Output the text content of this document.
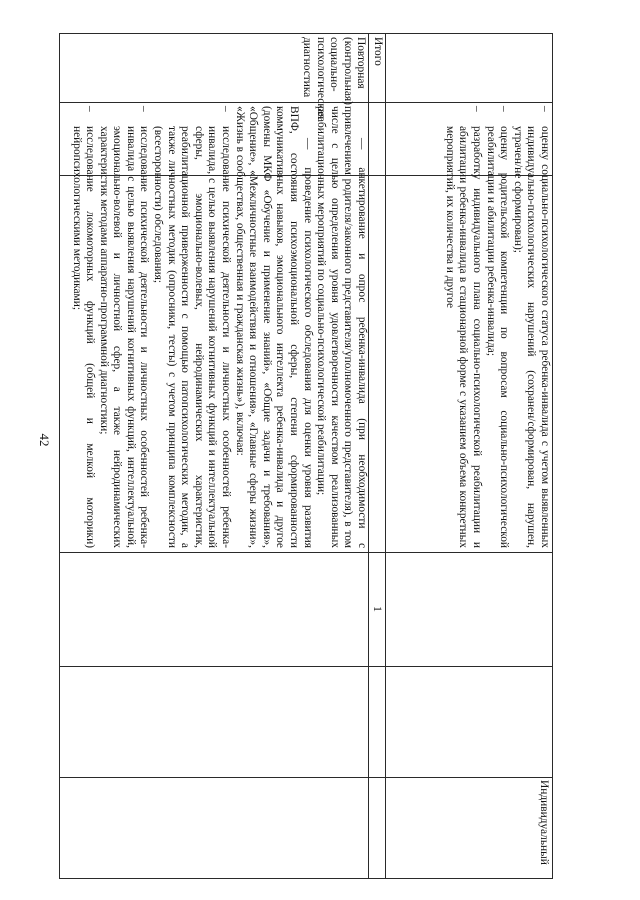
42

–
оценку социально-психологического статуса ребенка-инвалида с учетом выявленных индивидуально-психологических нарушений (сохранен/сформирован, нарушен, утрачен/не сформирован);

–
оценку родительской компетенции по вопросам социально-психологической реабилитации и абилитации ребенка-инвалида;

–
разработку индивидуального плана социально-психологической реабилитации и абилитации ребенка-инвалида в стационарной форме с указанием объема конкретных мероприятий, их количества и другое

Итого
1
Повторная (контрольная) социально-психологическая диагностика

—анкетирование и опрос ребенка-инвалида (при необходимости с привлечением родителя/законного представителя/уполномоченного представителя), в том числе с целью определения уровня удовлетворенности качеством реализованных реабилитационных мероприятий по социально-психологической реабилитации;

—проведение психологического обследования для оценки уровня развития ВПФ, состояния психоэмоциональной сферы, степени сформированности коммуникативных навыков, эмоционального интеллекта ребенка-инвалида и другое (домены МКФ «Обучение и применение знаний», «Общие задачи и требования», «Общение», «Межличностные взаимодействия и отношения», «Главные сферы жизни», «Жизнь в сообществах, общественная и гражданская жизнь»), включая:

–
исследование психической деятельности и личностных особенностей ребенка-инвалида, с целью выявления нарушений когнитивных функций и интеллектуальной сферы, эмоционально-волевых, нейродинамических характеристик, реабилитационной приверженности с помощью патопсихологических методик, а также личностных методик (опросники, тесты) с учетом принципа комплексности (всесторонности) обследования;

–
исследование психической деятельности и личностных особенностей ребенка-инвалида с целью выявления нарушений когнитивных функций, интеллектуальной, эмоционально-волевой и личностной сфер, а также нейродинамических характеристик методами аппаратно-программной диагностики;

–
исследование локомоторных функций (общей и мелкой моторики) нейропсихологическими методиками;

Индивидуальный
